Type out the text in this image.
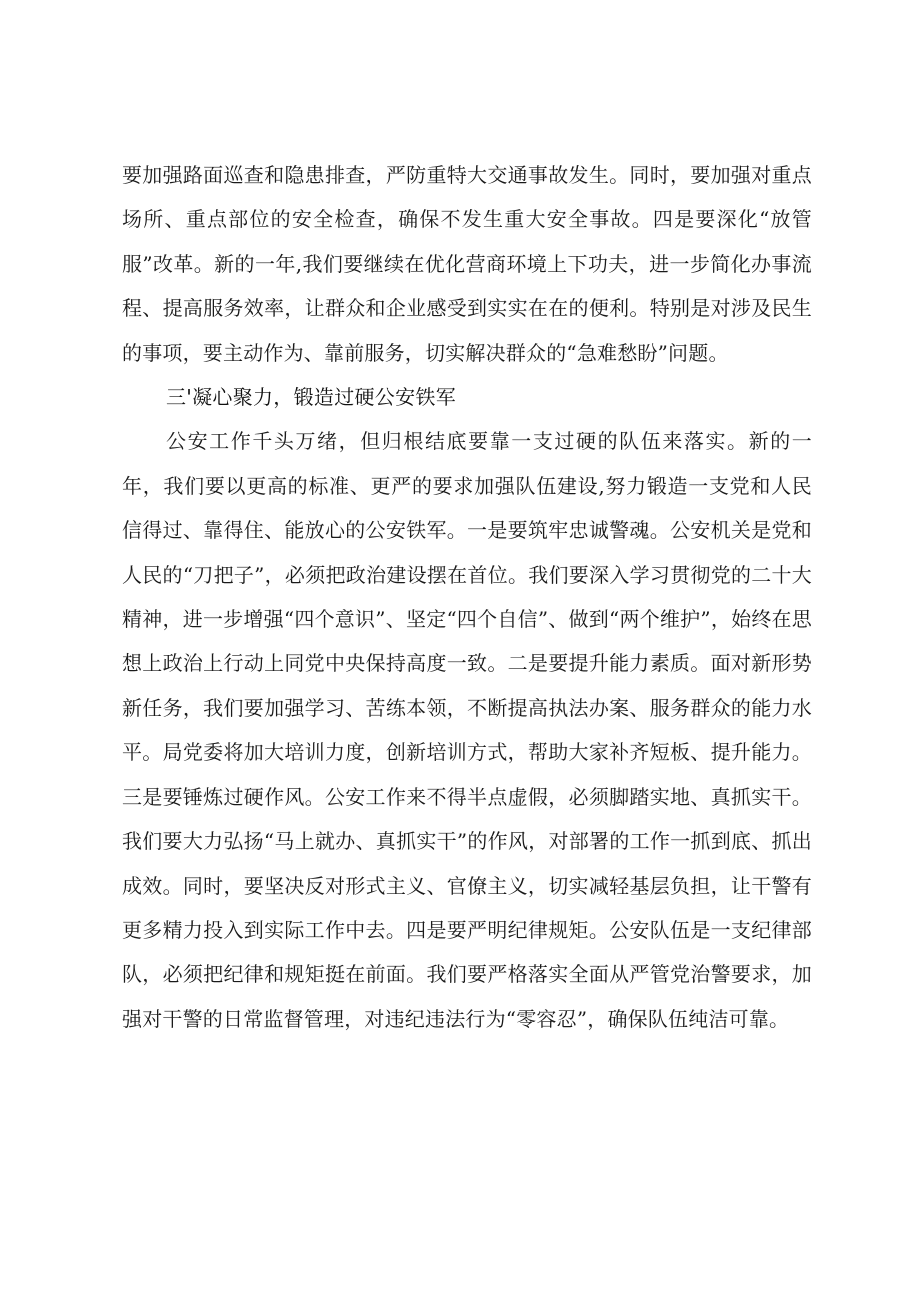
要加强路面巡查和隐患排查，严防重特大交通事故发生。同时，要加强对重点场所、重点部位的安全检查，确保不发生重大安全事故。四是要深化“放管服”改革。新的一年,我们要继续在优化营商环境上下功夫，进一步简化办事流程、提高服务效率，让群众和企业感受到实实在在的便利。特别是对涉及民生的事项，要主动作为、靠前服务，切实解决群众的“急难愁盼”问题。

三'凝心聚力，锻造过硬公安铁军

公安工作千头万绪，但归根结底要靠一支过硬的队伍来落实。新的一年，我们要以更高的标准、更严的要求加强队伍建设,努力锻造一支党和人民信得过、靠得住、能放心的公安铁军。一是要筑牢忠诚警魂。公安机关是党和人民的“刀把子”，必须把政治建设摆在首位。我们要深入学习贯彻党的二十大精神，进一步增强“四个意识”、坚定“四个自信”、做到“两个维护”，始终在思想上政治上行动上同党中央保持高度一致。二是要提升能力素质。面对新形势新任务，我们要加强学习、苦练本领，不断提高执法办案、服务群众的能力水平。局党委将加大培训力度，创新培训方式，帮助大家补齐短板、提升能力。三是要锤炼过硬作风。公安工作来不得半点虚假，必须脚踏实地、真抓实干。我们要大力弘扬“马上就办、真抓实干”的作风，对部署的工作一抓到底、抓出成效。同时，要坚决反对形式主义、官僚主义，切实减轻基层负担，让干警有更多精力投入到实际工作中去。四是要严明纪律规矩。公安队伍是一支纪律部队，必须把纪律和规矩挺在前面。我们要严格落实全面从严管党治警要求，加强对干警的日常监督管理，对违纪违法行为“零容忍”，确保队伍纯洁可靠。
